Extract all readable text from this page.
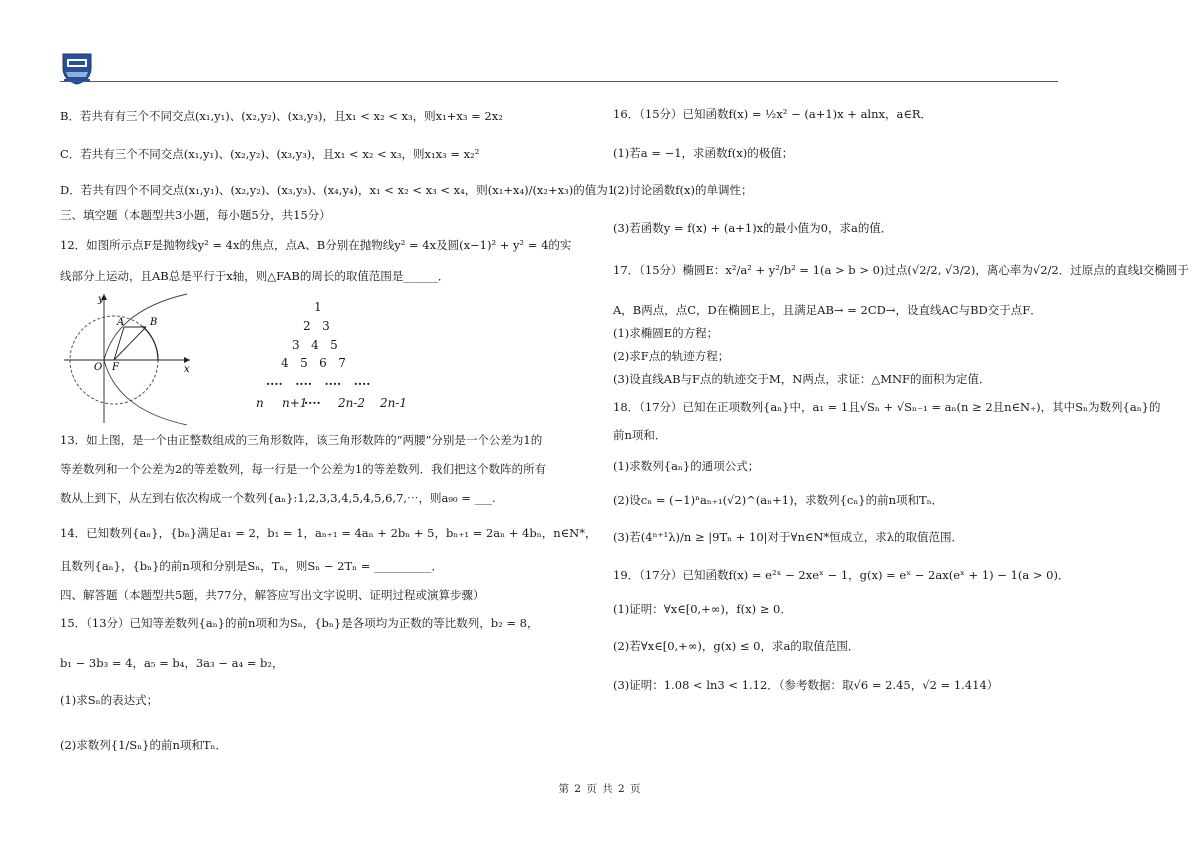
B．若共有有三个不同交点(x₁,y₁)、(x₂,y₂)、(x₃,y₃)，且x₁ < x₂ < x₃，则x₁+x₃ = 2x₂
C．若共有三个不同交点(x₁,y₁)、(x₂,y₂)、(x₃,y₃)，且x₁ < x₂ < x₃，则x₁x₃ = x₂²
D．若共有四个不同交点(x₁,y₁)、(x₂,y₂)、(x₃,y₃)、(x₄,y₄)，x₁ < x₂ < x₃ < x₄，则(x₁+x₄)/(x₂+x₃)的值为1
三、填空题（本题型共3小题，每小题5分，共15分）
12．如图所示点F是抛物线y² = 4x的焦点，点A、B分别在抛物线y² = 4x及圆(x−1)² + y² = 4的实
线部分上运动，且AB总是平行于x轴，则△FAB的周长的取值范围是______．
y
x
O F
A	B
1
2   3
3   4   5
4   5   6   7
····   ····   ····   ····
n n+1
···· 2n-2 2n-1
13．如上图，是一个由正整数组成的三角形数阵，该三角形数阵的“两腰”分别是一个公差为1的
等差数列和一个公差为2的等差数列，每一行是一个公差为1的等差数列．我们把这个数阵的所有
数从上到下，从左到右依次构成一个数列{aₙ}:1,2,3,3,4,5,4,5,6,7,⋯，则a₉₀ = ___.
14．已知数列{aₙ}，{bₙ}满足a₁ = 2，b₁ = 1，aₙ₊₁ = 4aₙ + 2bₙ + 5，bₙ₊₁ = 2aₙ + 4bₙ，n∈N*，
且数列{aₙ}，{bₙ}的前n项和分别是Sₙ，Tₙ，则Sₙ − 2Tₙ = __________．
四、解答题（本题型共5题，共77分，解答应写出文字说明、证明过程或演算步骤）
15．（13分）已知等差数列{aₙ}的前n项和为Sₙ，{bₙ}是各项均为正数的等比数列，b₂ = 8，
b₁ − 3b₃ = 4，a₅ = b₄，3a₃ − a₄ = b₂，
(1)求Sₙ的表达式；
(2)求数列{1/Sₙ}的前n项和Tₙ．
16．（15分）已知函数f(x) = ½x² − (a+1)x + alnx，a∈R．
(1)若a = −1，求函数f(x)的极值；
(2)讨论函数f(x)的单调性；
(3)若函数y = f(x) + (a+1)x的最小值为0，求a的值．
17．（15分）椭圆E：x²/a² + y²/b² = 1(a > b > 0)过点(√2/2, √3/2)，离心率为√2/2．过原点的直线l交椭圆于
A，B两点，点C，D在椭圆E上，且满足AB→ = 2CD→，设直线AC与BD交于点F．
(1)求椭圆E的方程；
(2)求F点的轨迹方程；
(3)设直线AB与F点的轨迹交于M，N两点，求证：△MNF的面积为定值．
18．（17分）已知在正项数列{aₙ}中，a₁ = 1且√Sₙ + √Sₙ₋₁ = aₙ(n ≥ 2且n∈N₊)，其中Sₙ为数列{aₙ}的
前n项和．
(1)求数列{aₙ}的通项公式；
(2)设cₙ = (−1)ⁿaₙ₊₁(√2)^(aₙ+1)，求数列{cₙ}的前n项和Tₙ．
(3)若(4ⁿ⁺¹λ)/n ≥ |9Tₙ + 10|对于∀n∈N*恒成立，求λ的取值范围．
19．（17分）已知函数f(x) = e²ˣ − 2xeˣ − 1，g(x) = eˣ − 2ax(eˣ + 1) − 1(a > 0)．
(1)证明：∀x∈[0,+∞)，f(x) ≥ 0．
(2)若∀x∈[0,+∞)，g(x) ≤ 0，求a的取值范围．
(3)证明：1.08 < ln3 < 1.12．（参考数据：取√6 = 2.45，√2 = 1.414）
第 2 页 共 2 页
